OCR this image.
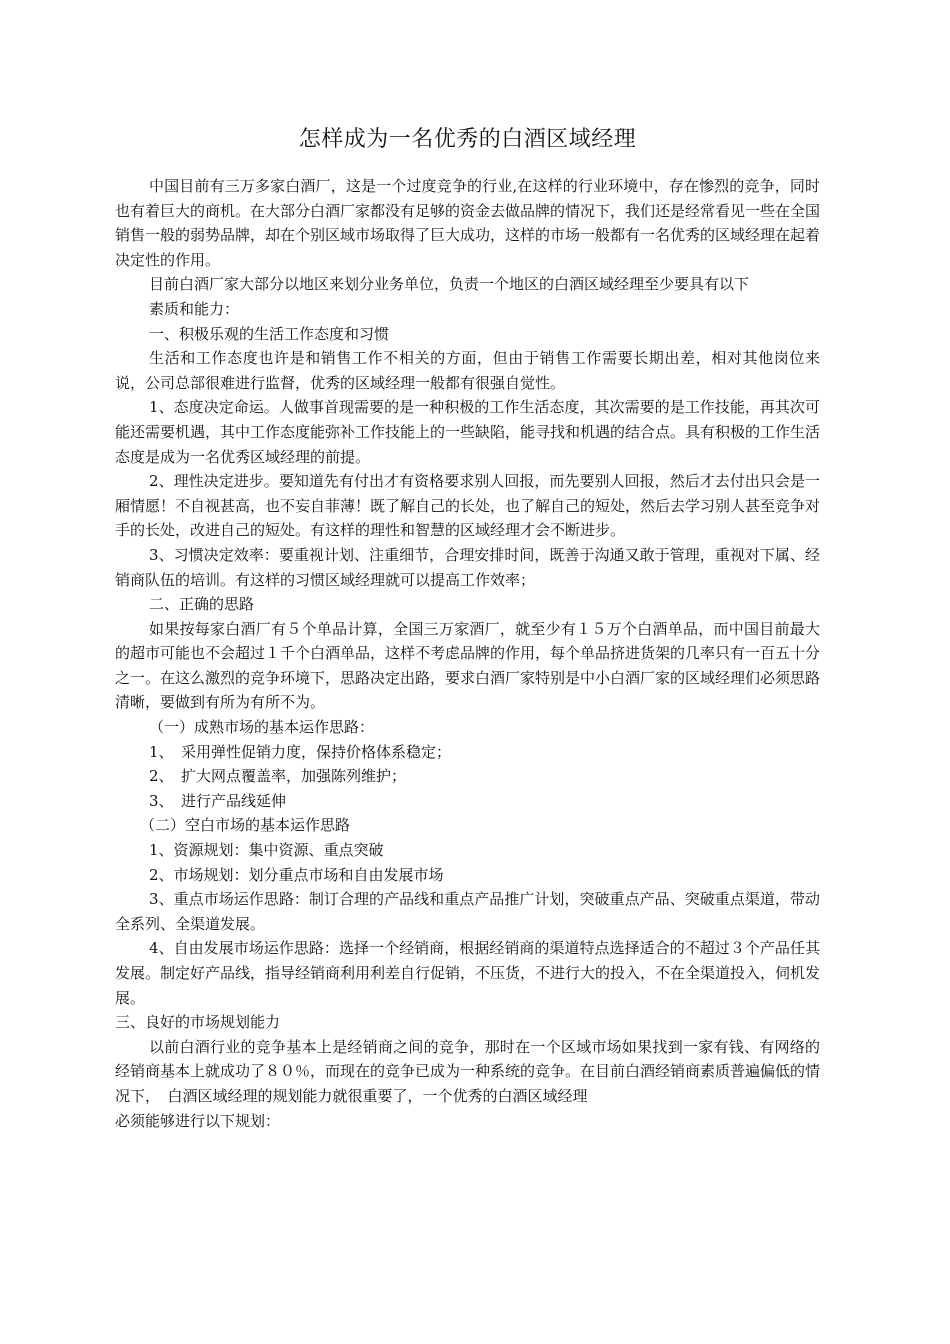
怎样成为一名优秀的白酒区域经理

中国目前有三万多家白酒厂，这是一个过度竞争的行业,在这样的行业环境中，存在惨烈的竞争，同时也有着巨大的商机。在大部分白酒厂家都没有足够的资金去做品牌的情况下，我们还是经常看见一些在全国销售一般的弱势品牌，却在个别区域市场取得了巨大成功，这样的市场一般都有一名优秀的区域经理在起着决定性的作用。

目前白酒厂家大部分以地区来划分业务单位，负责一个地区的白酒区域经理至少要具有以下

素质和能力：

一、积极乐观的生活工作态度和习惯

生活和工作态度也许是和销售工作不相关的方面，但由于销售工作需要长期出差，相对其他岗位来说，公司总部很难进行监督，优秀的区域经理一般都有很强自觉性。

1、态度决定命运。人做事首现需要的是一种积极的工作生活态度，其次需要的是工作技能，再其次可能还需要机遇，其中工作态度能弥补工作技能上的一些缺陷，能寻找和机遇的结合点。具有积极的工作生活态度是成为一名优秀区域经理的前提。

2、理性决定进步。要知道先有付出才有资格要求别人回报，而先要别人回报，然后才去付出只会是一厢情愿！不自视甚高，也不妄自菲薄！既了解自己的长处，也了解自己的短处，然后去学习别人甚至竞争对手的长处，改进自己的短处。有这样的理性和智慧的区域经理才会不断进步。

3、习惯决定效率：要重视计划、注重细节，合理安排时间，既善于沟通又敢于管理，重视对下属、经销商队伍的培训。有这样的习惯区域经理就可以提高工作效率；

二、正确的思路

如果按每家白酒厂有５个单品计算，全国三万家酒厂，就至少有１５万个白酒单品，而中国目前最大的超市可能也不会超过１千个白酒单品，这样不考虑品牌的作用，每个单品挤进货架的几率只有一百五十分之一。在这么激烈的竞争环境下，思路决定出路，要求白酒厂家特别是中小白酒厂家的区域经理们必须思路清晰，要做到有所为有所不为。

（一）成熟市场的基本运作思路：

1、　采用弹性促销力度，保持价格体系稳定；

2、　扩大网点覆盖率，加强陈列维护；

3、　进行产品线延伸

（二）空白市场的基本运作思路

1、资源规划：集中资源、重点突破

2、市场规划：划分重点市场和自由发展市场

3、重点市场运作思路：制订合理的产品线和重点产品推广计划，突破重点产品、突破重点渠道，带动全系列、全渠道发展。

4、自由发展市场运作思路：选择一个经销商，根据经销商的渠道特点选择适合的不超过３个产品任其发展。制定好产品线，指导经销商利用利差自行促销，不压货，不进行大的投入，不在全渠道投入，伺机发展。

三、良好的市场规划能力

以前白酒行业的竞争基本上是经销商之间的竞争，那时在一个区域市场如果找到一家有钱、有网络的经销商基本上就成功了８０％，而现在的竞争已成为一种系统的竞争。在目前白酒经销商素质普遍偏低的情况下，　白酒区域经理的规划能力就很重要了，一个优秀的白酒区域经理

必须能够进行以下规划：
